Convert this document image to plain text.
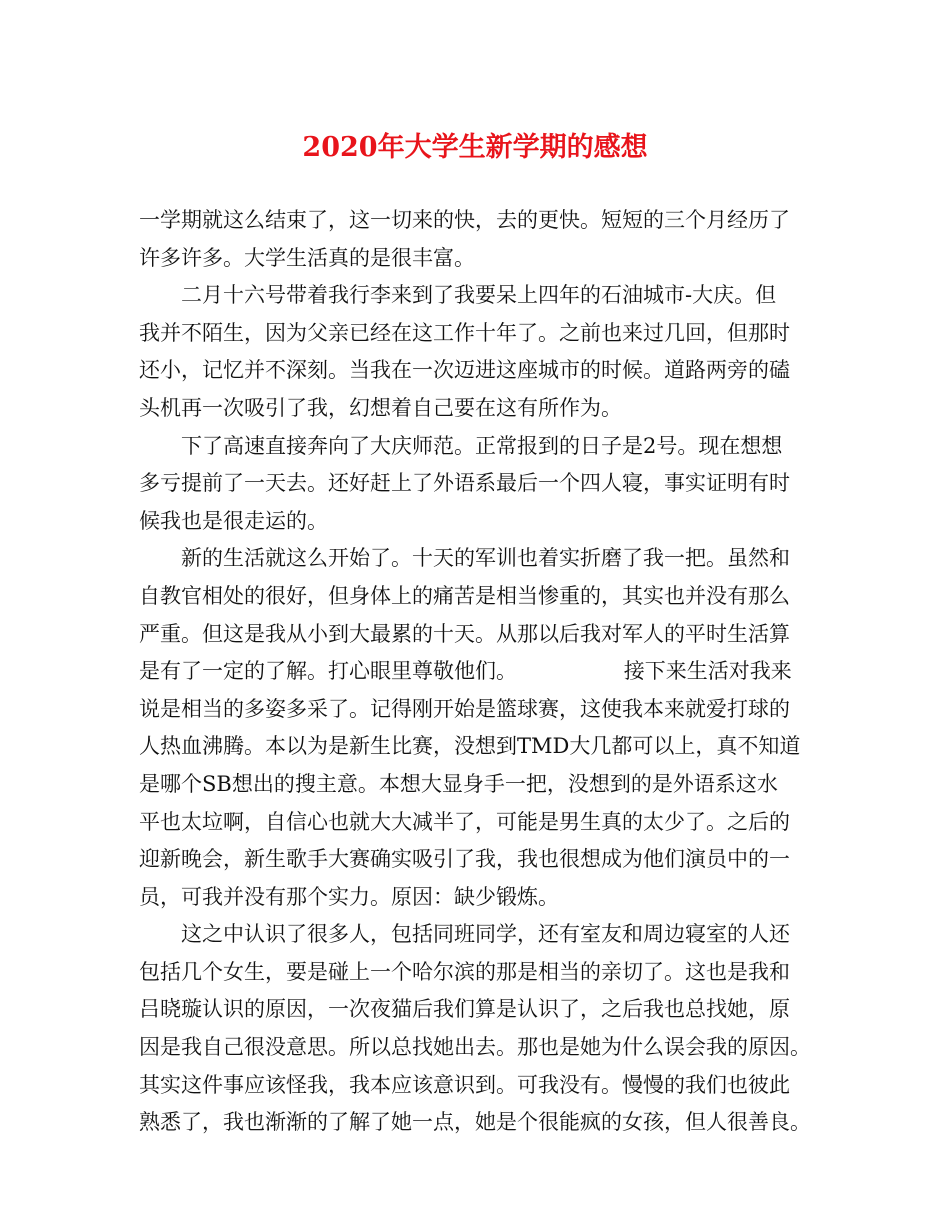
2020年大学生新学期的感想

一学期就这么结束了，这一切来的快，去的更快。短短的三个月经历了
许多许多。大学生活真的是很丰富。

二月十六号带着我行李来到了我要呆上四年的石油城市-大庆。但
我并不陌生，因为父亲已经在这工作十年了。之前也来过几回，但那时
还小，记忆并不深刻。当我在一次迈进这座城市的时候。道路两旁的磕
头机再一次吸引了我，幻想着自己要在这有所作为。

下了高速直接奔向了大庆师范。正常报到的日子是2号。现在想想
多亏提前了一天去。还好赶上了外语系最后一个四人寝，事实证明有时
候我也是很走运的。

新的生活就这么开始了。十天的军训也着实折磨了我一把。虽然和
自教官相处的很好，但身体上的痛苦是相当惨重的，其实也并没有那么
严重。但这是我从小到大最累的十天。从那以后我对军人的平时生活算
是有了一定的了解。打心眼里尊敬他们。                接下来生活对我来
说是相当的多姿多采了。记得刚开始是篮球赛，这使我本来就爱打球的
人热血沸腾。本以为是新生比赛，没想到TMD大几都可以上，真不知道
是哪个SB想出的搜主意。本想大显身手一把，没想到的是外语系这水
平也太垃啊，自信心也就大大减半了，可能是男生真的太少了。之后的
迎新晚会，新生歌手大赛确实吸引了我，我也很想成为他们演员中的一
员，可我并没有那个实力。原因：缺少锻炼。

这之中认识了很多人，包括同班同学，还有室友和周边寝室的人还
包括几个女生，要是碰上一个哈尔滨的那是相当的亲切了。这也是我和
吕晓璇认识的原因，一次夜猫后我们算是认识了，之后我也总找她，原
因是我自己很没意思。所以总找她出去。那也是她为什么误会我的原因。
其实这件事应该怪我，我本应该意识到。可我没有。慢慢的我们也彼此
熟悉了，我也渐渐的了解了她一点，她是个很能疯的女孩，但人很善良。
